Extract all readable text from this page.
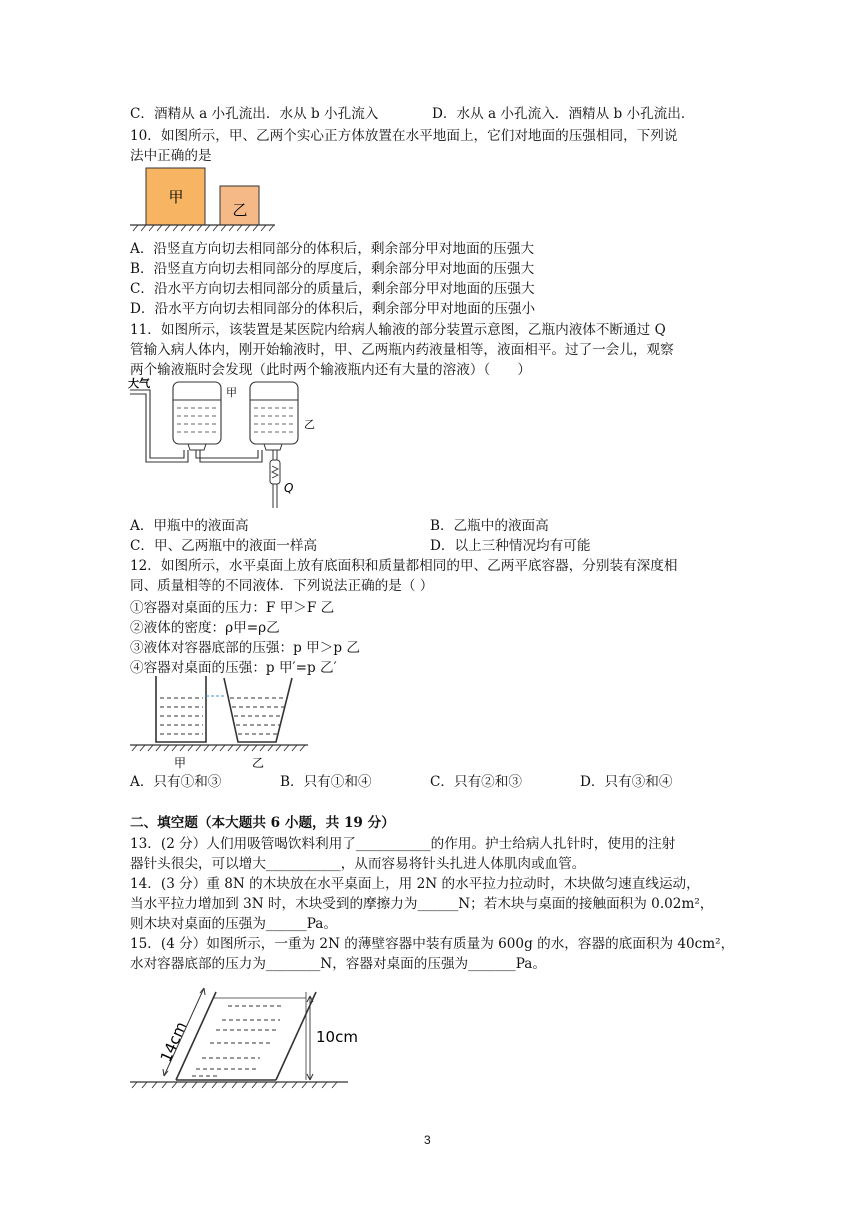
C．酒精从 a 小孔流出．水从 b 小孔流入	D．水从 a 小孔流入．酒精从 b 小孔流出．
10．如图所示，甲、乙两个实心正方体放置在水平地面上，它们对地面的压强相同，下列说
法中正确的是
甲
乙
A．沿竖直方向切去相同部分的体积后，剩余部分甲对地面的压强大
B．沿竖直方向切去相同部分的厚度后，剩余部分甲对地面的压强大
C．沿水平方向切去相同部分的质量后，剩余部分甲对地面的压强大
D．沿水平方向切去相同部分的体积后，剩余部分甲对地面的压强小
11．如图所示，该装置是某医院内给病人输液的部分装置示意图，乙瓶内液体不断通过 Q
管输入病人体内，刚开始输液时，甲、乙两瓶内药液量相等，液面相平。过了一会儿，观察
两个输液瓶时会发现（此时两个输液瓶内还有大量的溶液）（　　）
大气
甲
乙
Q
A．甲瓶中的液面高	B．乙瓶中的液面高
C．甲、乙两瓶中的液面一样高	D．以上三种情况均有可能
12．如图所示，水平桌面上放有底面积和质量都相同的甲、乙两平底容器，分别装有深度相
同、质量相等的不同液体．下列说法正确的是（ ）
①容器对桌面的压力：F 甲＞F 乙
②液体的密度：ρ甲=ρ乙
③液体对容器底部的压强：p 甲＞p 乙
④容器对桌面的压强：p 甲′=p 乙′
甲	乙
A．只有①和③	B．只有①和④	C．只有②和③	D．只有③和④
二、填空题（本大题共 6 小题，共 19 分）
13．(2 分）人们用吸管喝饮料利用了___________的作用。护士给病人扎针时，使用的注射
器针头很尖，可以增大___________，从而容易将针头扎进人体肌肉或血管。
14．(3 分）重 8N 的木块放在水平桌面上，用 2N 的水平拉力拉动时，木块做匀速直线运动，
当水平拉力增加到 3N 时，木块受到的摩擦力为______N；若木块与桌面的接触面积为 0.02m²，
则木块对桌面的压强为______Pa。
15．(4 分）如图所示，一重为 2N 的薄壁容器中装有质量为 600g 的水，容器的底面积为 40cm²，
水对容器底部的压力为________N，容器对桌面的压强为_______Pa。
14cm	10cm
3
